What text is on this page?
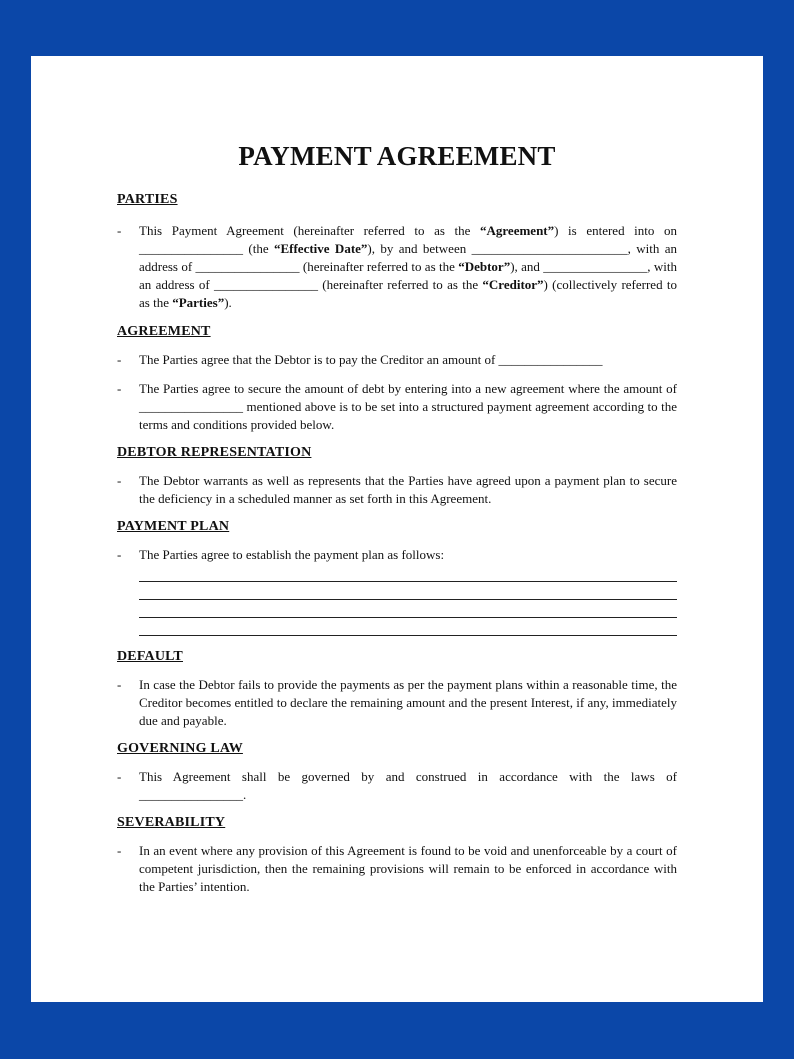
PAYMENT AGREEMENT
PARTIES
- This Payment Agreement (hereinafter referred to as the “Agreement”) is entered into on ________________ (the “Effective Date”), by and between ________________________, with an address of ________________ (hereinafter referred to as the “Debtor”), and ________________, with an address of ________________ (hereinafter referred to as the “Creditor”) (collectively referred to as the “Parties”).
AGREEMENT
- The Parties agree that the Debtor is to pay the Creditor an amount of ________________
- The Parties agree to secure the amount of debt by entering into a new agreement where the amount of ________________ mentioned above is to be set into a structured payment agreement according to the terms and conditions provided below.
DEBTOR REPRESENTATION
- The Debtor warrants as well as represents that the Parties have agreed upon a payment plan to secure the deficiency in a scheduled manner as set forth in this Agreement.
PAYMENT PLAN
- The Parties agree to establish the payment plan as follows:
DEFAULT
- In case the Debtor fails to provide the payments as per the payment plans within a reasonable time, the Creditor becomes entitled to declare the remaining amount and the present Interest, if any, immediately due and payable.
GOVERNING LAW
- This Agreement shall be governed by and construed in accordance with the laws of ________________.
SEVERABILITY
- In an event where any provision of this Agreement is found to be void and unenforceable by a court of competent jurisdiction, then the remaining provisions will remain to be enforced in accordance with the Parties’ intention.
